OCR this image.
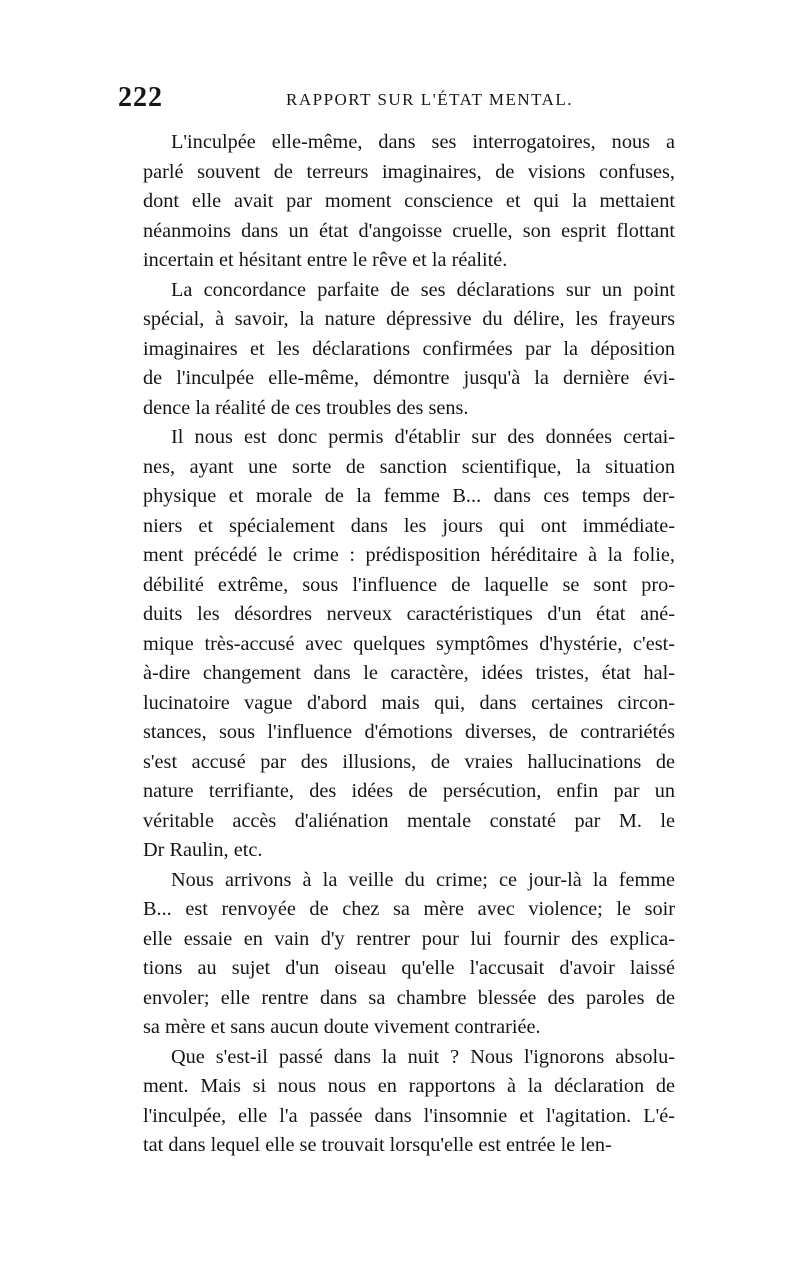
222	RAPPORT SUR L'ÉTAT MENTAL.
L'inculpée elle-même, dans ses interrogatoires, nous a
parlé souvent de terreurs imaginaires, de visions confuses,
dont elle avait par moment conscience et qui la mettaient
néanmoins dans un état d'angoisse cruelle, son esprit flottant
incertain et hésitant entre le rêve et la réalité.
La concordance parfaite de ses déclarations sur un point
spécial, à savoir, la nature dépressive du délire, les frayeurs
imaginaires et les déclarations confirmées par la déposition
de l'inculpée elle-même, démontre jusqu'à la dernière évi-
dence la réalité de ces troubles des sens.
Il nous est donc permis d'établir sur des données certai-
nes, ayant une sorte de sanction scientifique, la situation
physique et morale de la femme B... dans ces temps der-
niers et spécialement dans les jours qui ont immédiate-
ment précédé le crime : prédisposition héréditaire à la folie,
débilité extrême, sous l'influence de laquelle se sont pro-
duits les désordres nerveux caractéristiques d'un état ané-
mique très-accusé avec quelques symptômes d'hystérie, c'est-
à-dire changement dans le caractère, idées tristes, état hal-
lucinatoire vague d'abord mais qui, dans certaines circon-
stances, sous l'influence d'émotions diverses, de contrariétés
s'est accusé par des illusions, de vraies hallucinations de
nature terrifiante, des idées de persécution, enfin par un
véritable accès d'aliénation mentale constaté par M. le
Dr Raulin, etc.
Nous arrivons à la veille du crime; ce jour-là la femme
B... est renvoyée de chez sa mère avec violence; le soir
elle essaie en vain d'y rentrer pour lui fournir des explica-
tions au sujet d'un oiseau qu'elle l'accusait d'avoir laissé
envoler; elle rentre dans sa chambre blessée des paroles de
sa mère et sans aucun doute vivement contrariée.
Que s'est-il passé dans la nuit ? Nous l'ignorons absolu-
ment. Mais si nous nous en rapportons à la déclaration de
l'inculpée, elle l'a passée dans l'insomnie et l'agitation. L'é-
tat dans lequel elle se trouvait lorsqu'elle est entrée le len-
